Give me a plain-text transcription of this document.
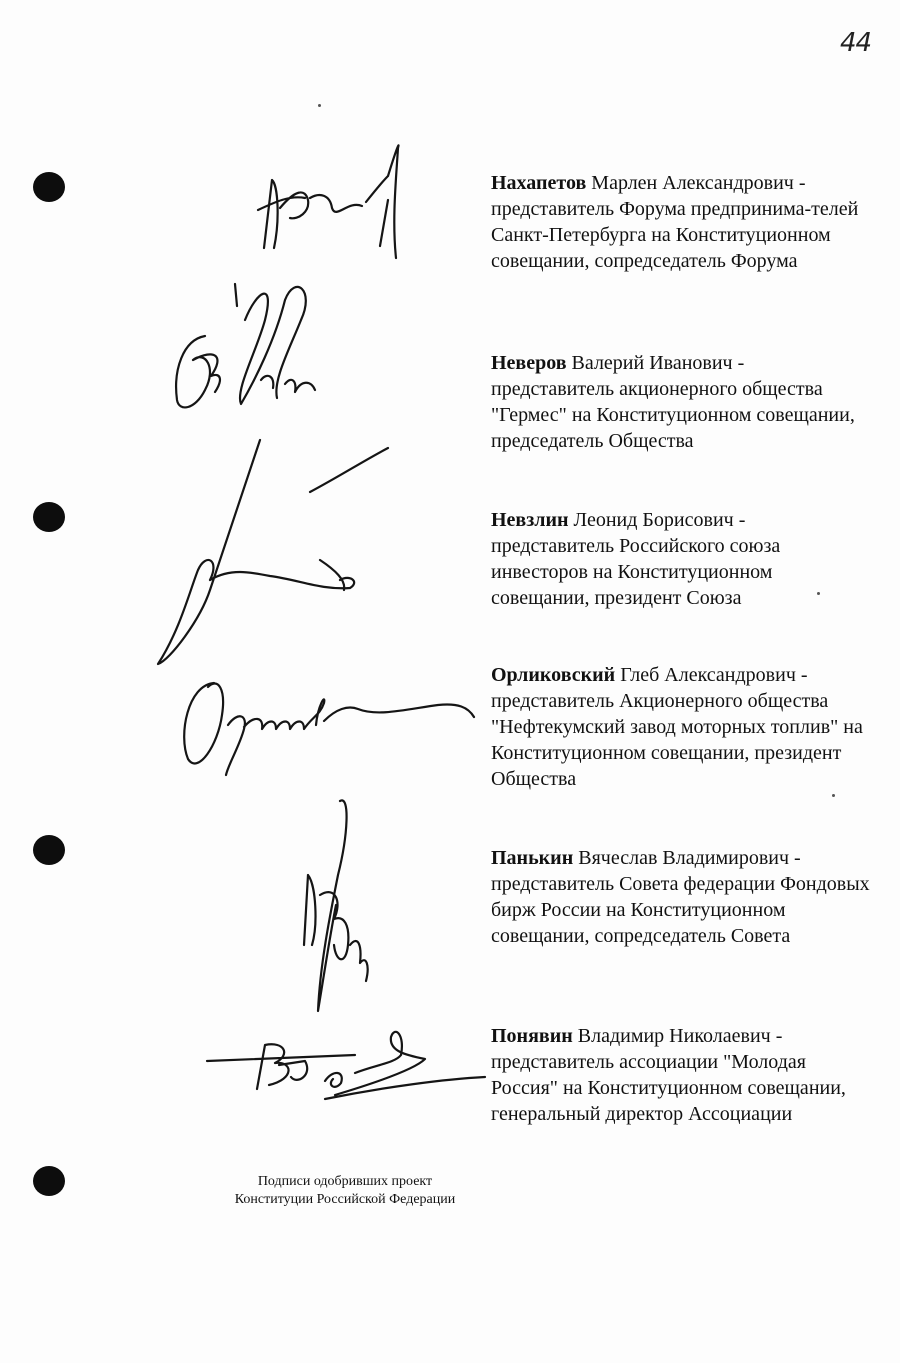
44
Нахапетов Марлен Александрович - представитель Форума предпринима-телей Санкт-Петербурга на Конституционном совещании, сопредседатель Форума
Неверов Валерий Иванович - представитель акционерного общества "Гермес" на Конституционном совещании, председатель Общества
Невзлин Леонид Борисович - представитель Российского союза инвесторов на Конституционном совещании, президент Союза
Орликовский Глеб Александрович - представитель Акционерного общества "Нефтекумский завод моторных топлив" на Конституционном совещании, президент Общества
Панькин Вячеслав Владимирович - представитель Совета федерации Фондовых бирж России на Конституционном совещании, сопредседатель Совета
Понявин Владимир Николаевич - представитель ассоциации "Молодая Россия" на Конституционном совещании, генеральный директор Ассоциации
Подписи одобривших проект
Конституции Российской Федерации
